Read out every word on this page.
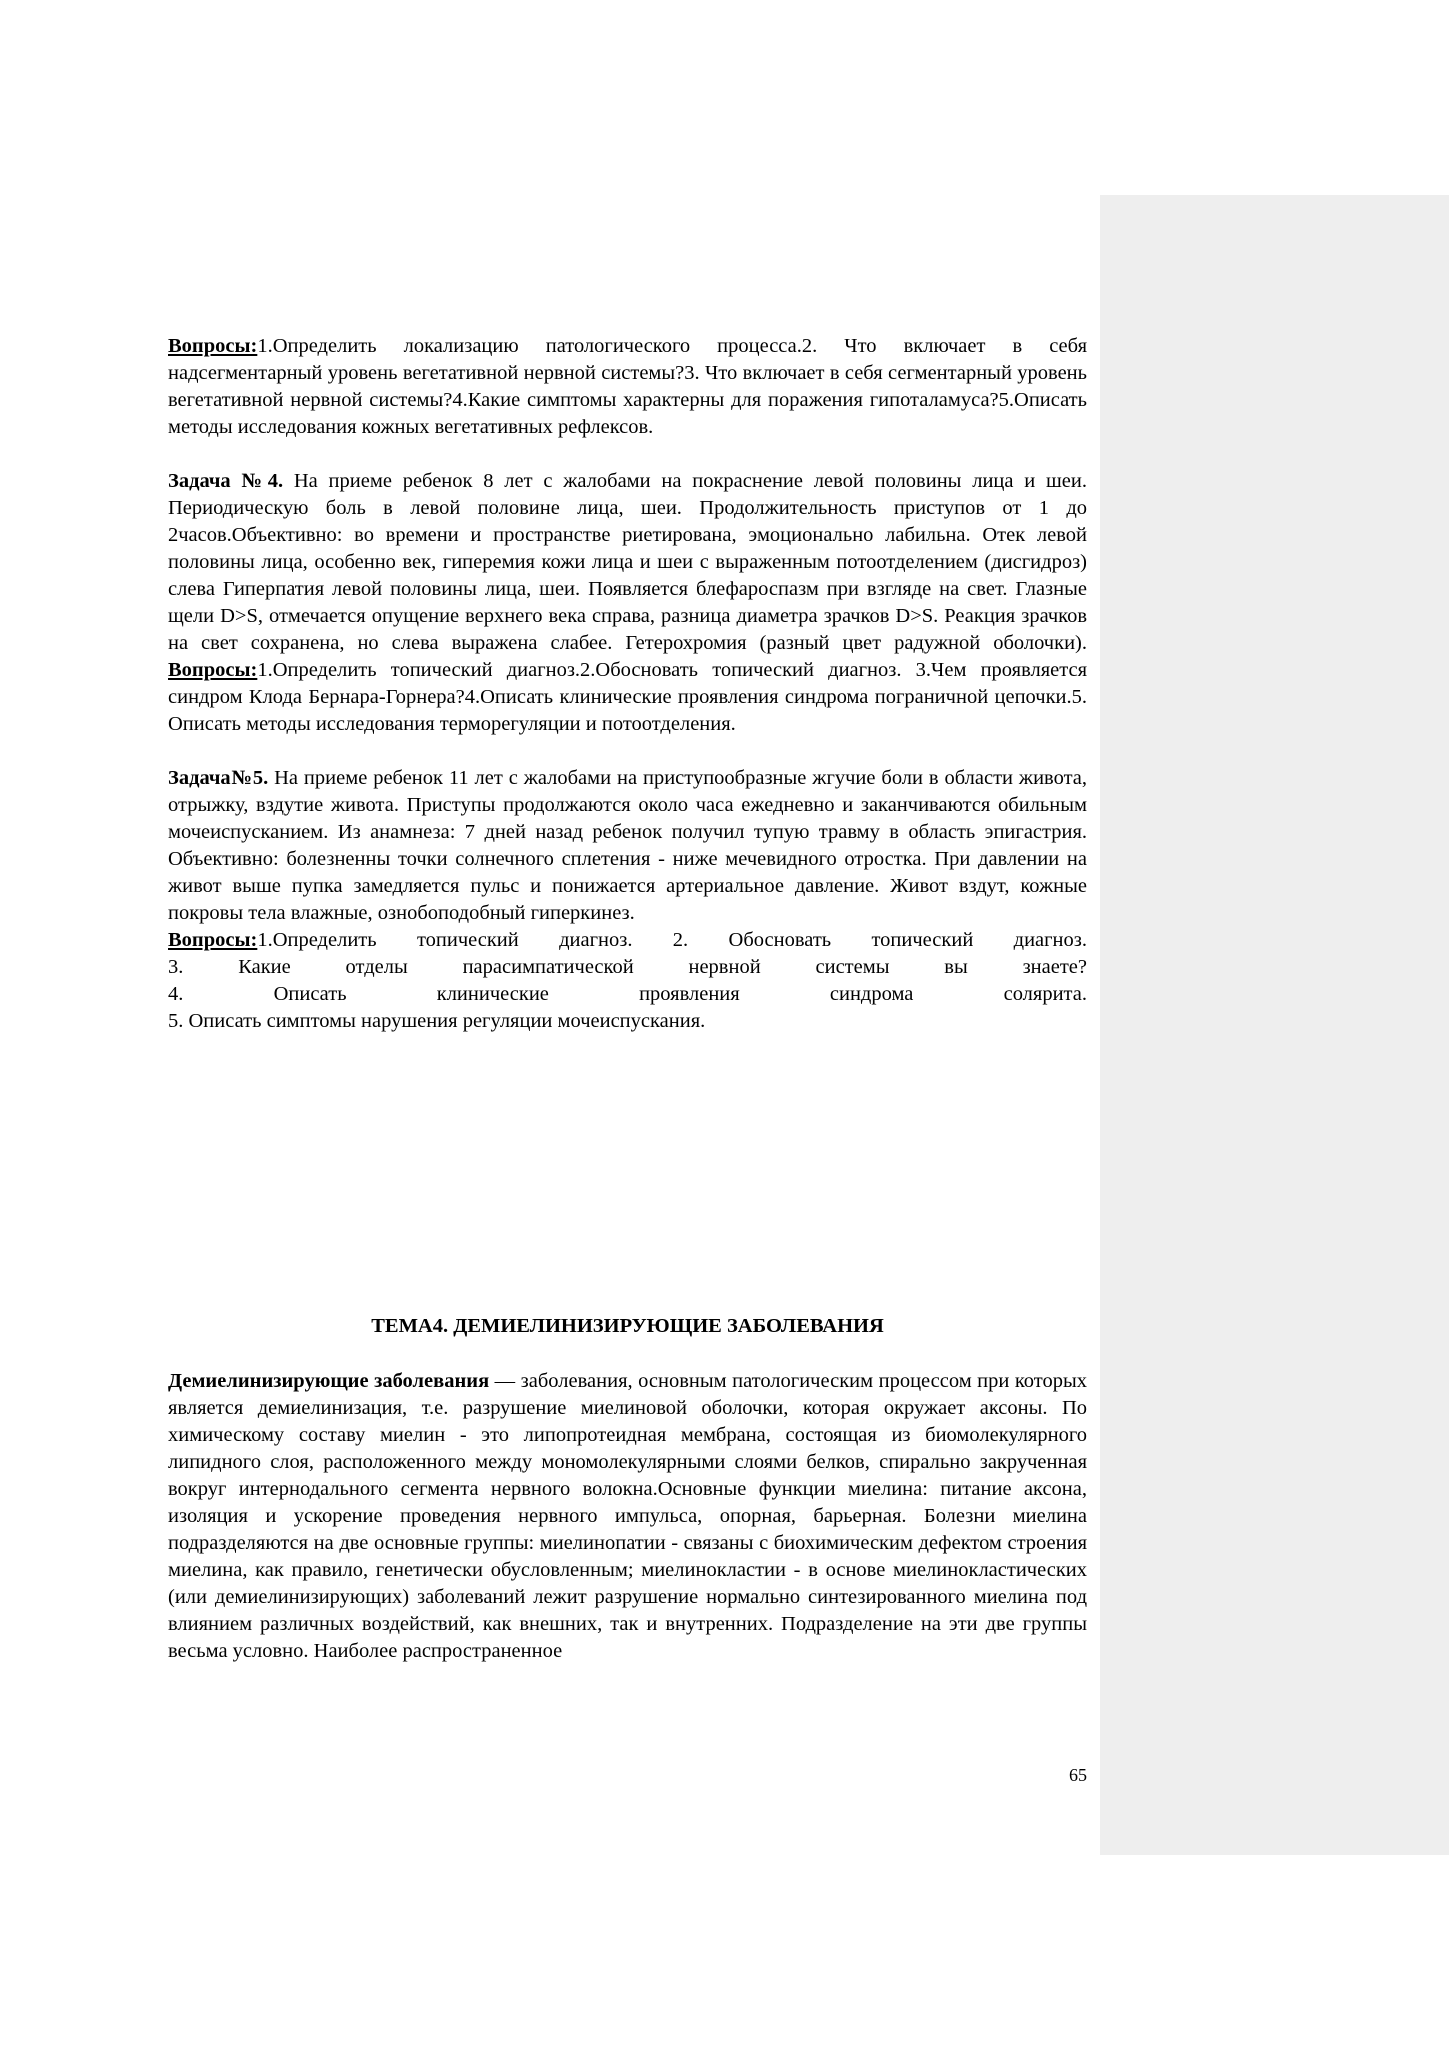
Вопросы:1.Определить локализацию патологического процесса.2. Что включает в себя надсегментарный уровень вегетативной нервной системы?3. Что включает в себя сегментарный уровень вегетативной нервной системы?4.Какие симптомы характерны для поражения гипоталамуса?5.Описать методы исследования кожных вегетативных рефлексов.

Задача №4. На приеме ребенок 8 лет с жалобами на покраснение левой половины лица и шеи. Периодическую боль в левой половине лица, шеи. Продолжительность приступов от 1 до 2часов.Объективно: во времени и пространстве риетирована, эмоционально лабильна. Отек левой половины лица, особенно век, гиперемия кожи лица и шеи с выраженным потоотделением (дисгидроз) слева Гиперпатия левой половины лица, шеи. Появляется блефароспазм при взгляде на свет. Глазные щели D>S, отмечается опущение верхнего века справа, разница диаметра зрачков D>S. Реакция зрачков на свет сохранена, но слева выражена слабее. Гетерохромия (разный цвет радужной оболочки). Вопросы:1.Определить топический диагноз.2.Обосновать топический диагноз. 3.Чем проявляется синдром Клода Бернара-Горнера?4.Описать клинические проявления синдрома пограничной цепочки.5. Описать методы исследования терморегуляции и потоотделения.

Задача№5. На приеме ребенок 11 лет с жалобами на приступообразные жгучие боли в области живота, отрыжку, вздутие живота. Приступы продолжаются около часа ежедневно и заканчиваются обильным мочеиспусканием. Из анамнеза: 7 дней назад ребенок получил тупую травму в область эпигастрия. Объективно: болезненны точки солнечного сплетения - ниже мечевидного отростка. При давлении на живот выше пупка замедляется пульс и понижается артериальное давление. Живот вздут, кожные покровы тела влажные, ознобоподобный гиперкинез.

Вопросы:1.Определить топический диагноз. 2. Обосновать топический диагноз.
3. Какие отделы парасимпатической нервной системы вы знаете?
4. Описать клинические проявления синдрома солярита.
5. Описать симптомы нарушения регуляции мочеиспускания.
ТЕМА4. ДЕМИЕЛИНИЗИРУЮЩИЕ ЗАБОЛЕВАНИЯ

Демиелинизирующие заболевания — заболевания, основным патологическим процессом при которых является демиелинизация, т.е. разрушение миелиновой оболочки, которая окружает аксоны. По химическому составу миелин - это липопротеидная мембрана, состоящая из биомолекулярного липидного слоя, расположенного между мономолекулярными слоями белков, спирально закрученная вокруг интернодального сегмента нервного волокна.Основные функции миелина: питание аксона, изоляция и ускорение проведения нервного импульса, опорная, барьерная. Болезни миелина подразделяются на две основные группы: миелинопатии - связаны с биохимическим дефектом строения миелина, как правило, генетически обусловленным; миелинокластии - в основе миелинокластических (или демиелинизирующих) заболеваний лежит разрушение нормально синтезированного миелина под влиянием различных воздействий, как внешних, так и внутренних. Подразделение на эти две группы весьма условно. Наиболее распространенное

65
